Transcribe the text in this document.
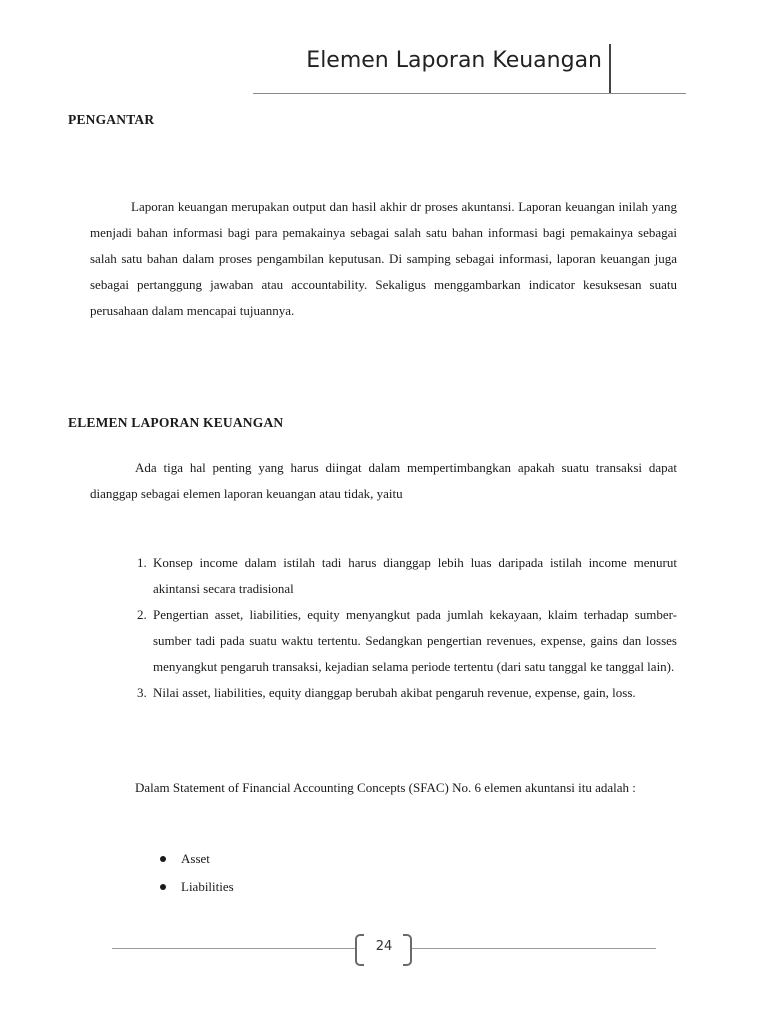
Elemen Laporan Keuangan
PENGANTAR

Laporan keuangan merupakan output dan hasil akhir dr proses akuntansi. Laporan keuangan inilah yang menjadi bahan informasi bagi para pemakainya sebagai salah satu bahan informasi bagi pemakainya sebagai salah satu bahan dalam proses pengambilan keputusan. Di samping sebagai informasi, laporan keuangan juga sebagai pertanggung jawaban atau accountability. Sekaligus menggambarkan indicator kesuksesan suatu perusahaan dalam mencapai tujuannya.

ELEMEN LAPORAN KEUANGAN

Ada tiga hal penting yang harus diingat dalam mempertimbangkan apakah suatu transaksi dapat dianggap sebagai elemen laporan keuangan atau tidak, yaitu

1. Konsep income dalam istilah tadi harus dianggap lebih luas daripada istilah income menurut akintansi secara tradisional
2. Pengertian asset, liabilities, equity menyangkut pada jumlah kekayaan, klaim terhadap sumber-sumber tadi pada suatu waktu tertentu. Sedangkan pengertian revenues, expense, gains dan losses menyangkut pengaruh transaksi, kejadian selama periode tertentu (dari satu tanggal ke tanggal lain).
3. Nilai asset, liabilities, equity dianggap berubah akibat pengaruh revenue, expense, gain, loss.

Dalam Statement of Financial Accounting Concepts (SFAC) No. 6 elemen akuntansi itu adalah :

Asset
Liabilities
24
